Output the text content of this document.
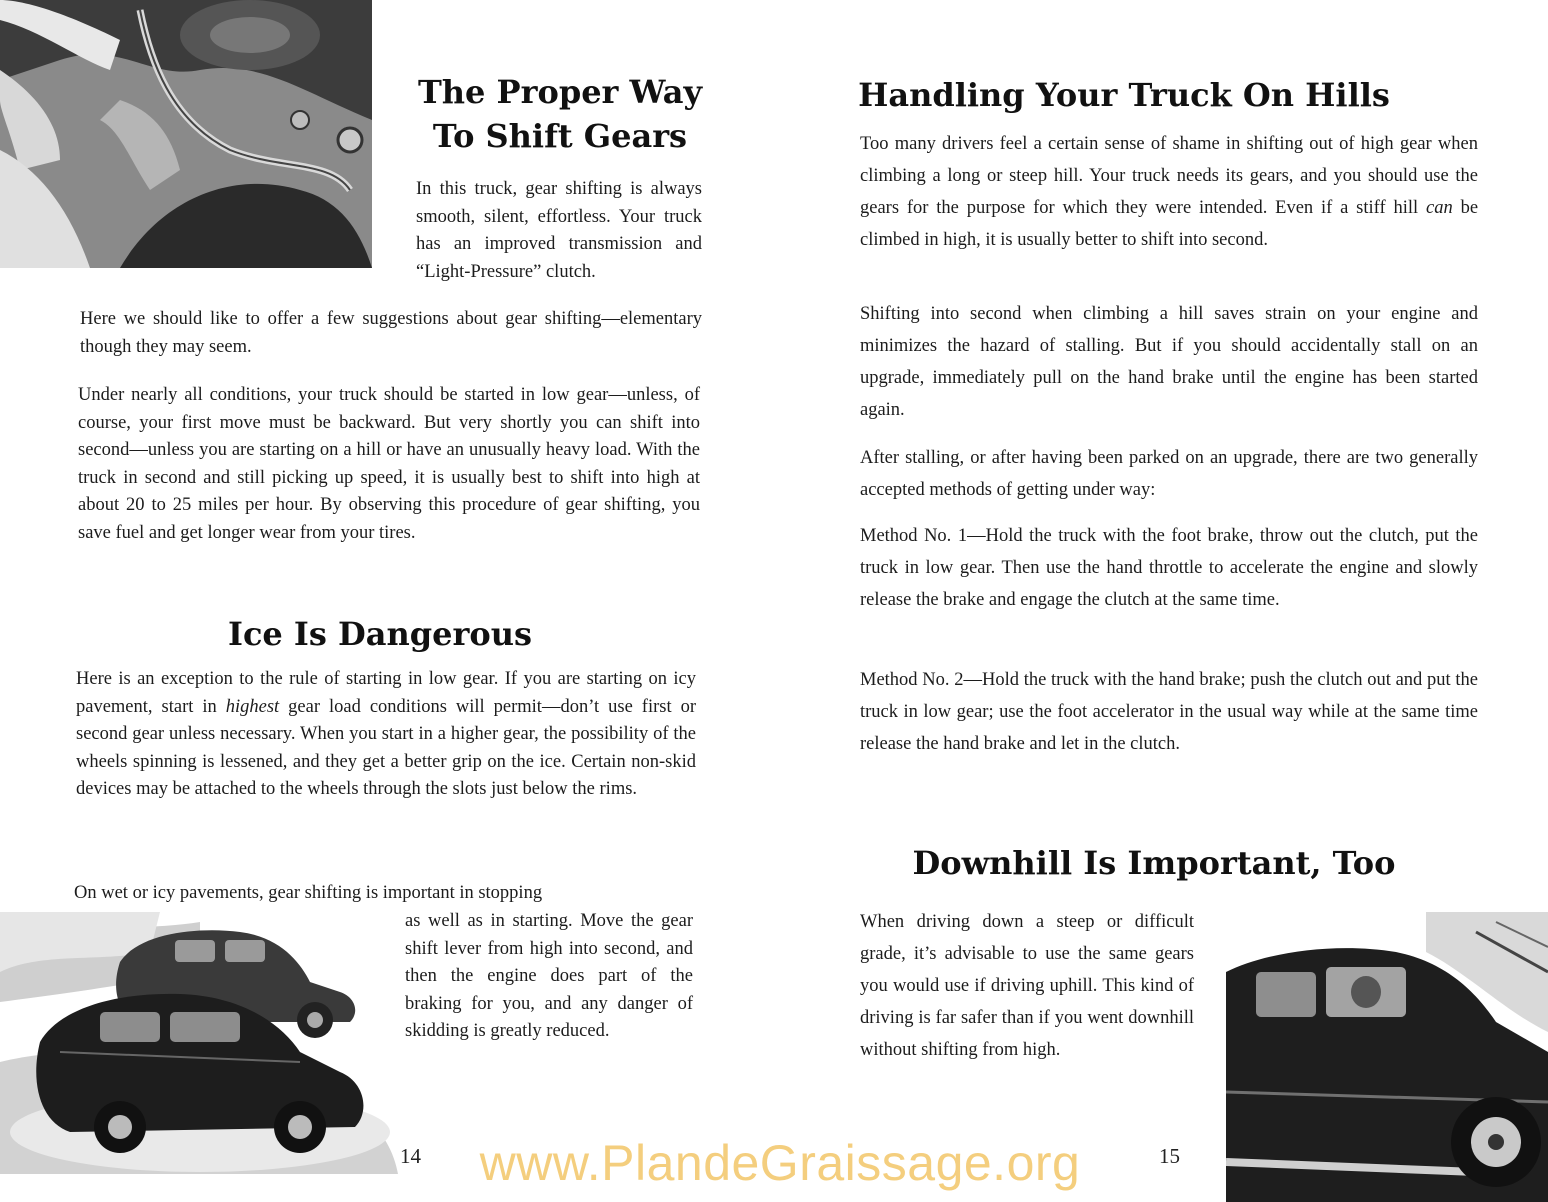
The Proper Way
To Shift Gears

In this truck, gear shifting is always smooth, silent, effortless. Your truck has an improved transmission and “Light-Pressure” clutch.

Here we should like to offer a few suggestions about gear shifting—elementary though they may seem.

Under nearly all conditions, your truck should be started in low gear—unless, of course, your first move must be backward. But very shortly you can shift into second—unless you are starting on a hill or have an unusually heavy load. With the truck in second and still picking up speed, it is usually best to shift into high at about 20 to 25 miles per hour. By observing this procedure of gear shifting, you save fuel and get longer wear from your tires.

Ice Is Dangerous

Here is an exception to the rule of starting in low gear. If you are starting on icy pavement, start in highest gear load conditions will permit—don’t use first or second gear unless necessary. When you start in a higher gear, the possibility of the wheels spinning is lessened, and they get a better grip on the ice. Certain non-skid devices may be attached to the wheels through the slots just below the rims.

On wet or icy pavements, gear shifting is important in stopping

as well as in starting. Move the gear shift lever from high into second, and then the engine does part of the braking for you, and any danger of skidding is greatly reduced.

14
Handling Your Truck On Hills

Too many drivers feel a certain sense of shame in shifting out of high gear when climbing a long or steep hill. Your truck needs its gears, and you should use the gears for the purpose for which they were intended. Even if a stiff hill can be climbed in high, it is usually better to shift into second.

Shifting into second when climbing a hill saves strain on your engine and minimizes the hazard of stalling. But if you should accidentally stall on an upgrade, immediately pull on the hand brake until the engine has been started again.

After stalling, or after having been parked on an upgrade, there are two generally accepted methods of getting under way:

Method No. 1—Hold the truck with the foot brake, throw out the clutch, put the truck in low gear. Then use the hand throttle to accelerate the engine and slowly release the brake and engage the clutch at the same time.

Method No. 2—Hold the truck with the hand brake; push the clutch out and put the truck in low gear; use the foot accelerator in the usual way while at the same time release the hand brake and let in the clutch.

Downhill Is Important, Too

When driving down a steep or difficult grade, it’s advisable to use the same gears you would use if driving uphill. This kind of driving is far safer than if you went downhill without shifting from high.

15
www.PlandeGraissage.org
